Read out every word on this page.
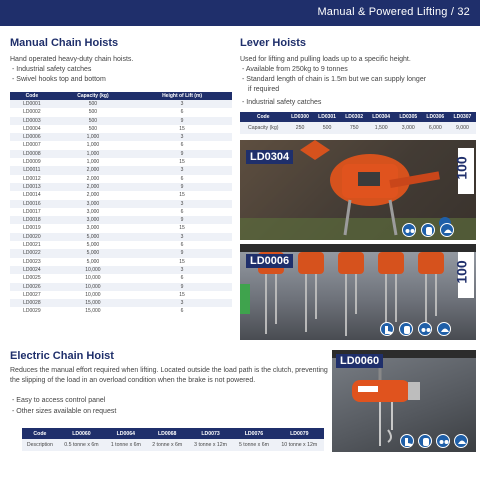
Manual & Powered Lifting / 32
Manual Chain Hoists
Hand operated heavy-duty chain hoists.
- Industrial safety catches
- Swivel hooks top and bottom
Code	Capacity (kg)	Height of Lift (m)
LD0001	500	3
LD0002	500	6
LD0003	500	9
LD0004	500	15
LD0006	1,000	3
LD0007	1,000	6
LD0008	1,000	9
LD0009	1,000	15
LD0011	2,000	3
LD0012	2,000	6
LD0013	2,000	9
LD0014	2,000	15
LD0016	3,000	3
LD0017	3,000	6
LD0018	3,000	9
LD0019	3,000	15
LD0020	5,000	3
LD0021	5,000	6
LD0022	5,000	9
LD0023	5,000	15
LD0024	10,000	3
LD0025	10,000	6
LD0026	10,000	9
LD0027	10,000	15
LD0028	15,000	3
LD0029	15,000	6
Lever Hoists
Used for lifting and pulling loads up to a specific height.
- Available from 250kg to 9 tonnes
- Standard length of chain is 1.5m but we can supply longer
if required
- Industrial safety catches
Code	LD0300	LD0301	LD0302	LD0304	LD0305	LD0306	LD0307
Capacity (kg)	250	500	750	1,500	3,000	6,000	9,000
LD0304	100
LD0006	100
Electric Chain Hoist
Reduces the manual effort required when lifting. Located outside the load path is the clutch, preventing the slipping of the load in an overload condition when the brake is not powered.
- Easy to access control panel
- Other sizes available on request
Code	LD0060	LD0064	LD0068	LD0073	LD0076	LD0079
Description	0.5 tonne x 6m	1 tonne x 6m	2 tonne x 6m	3 tonne x 12m	5 tonne x 6m	10 tonne x 12m
LD0060
